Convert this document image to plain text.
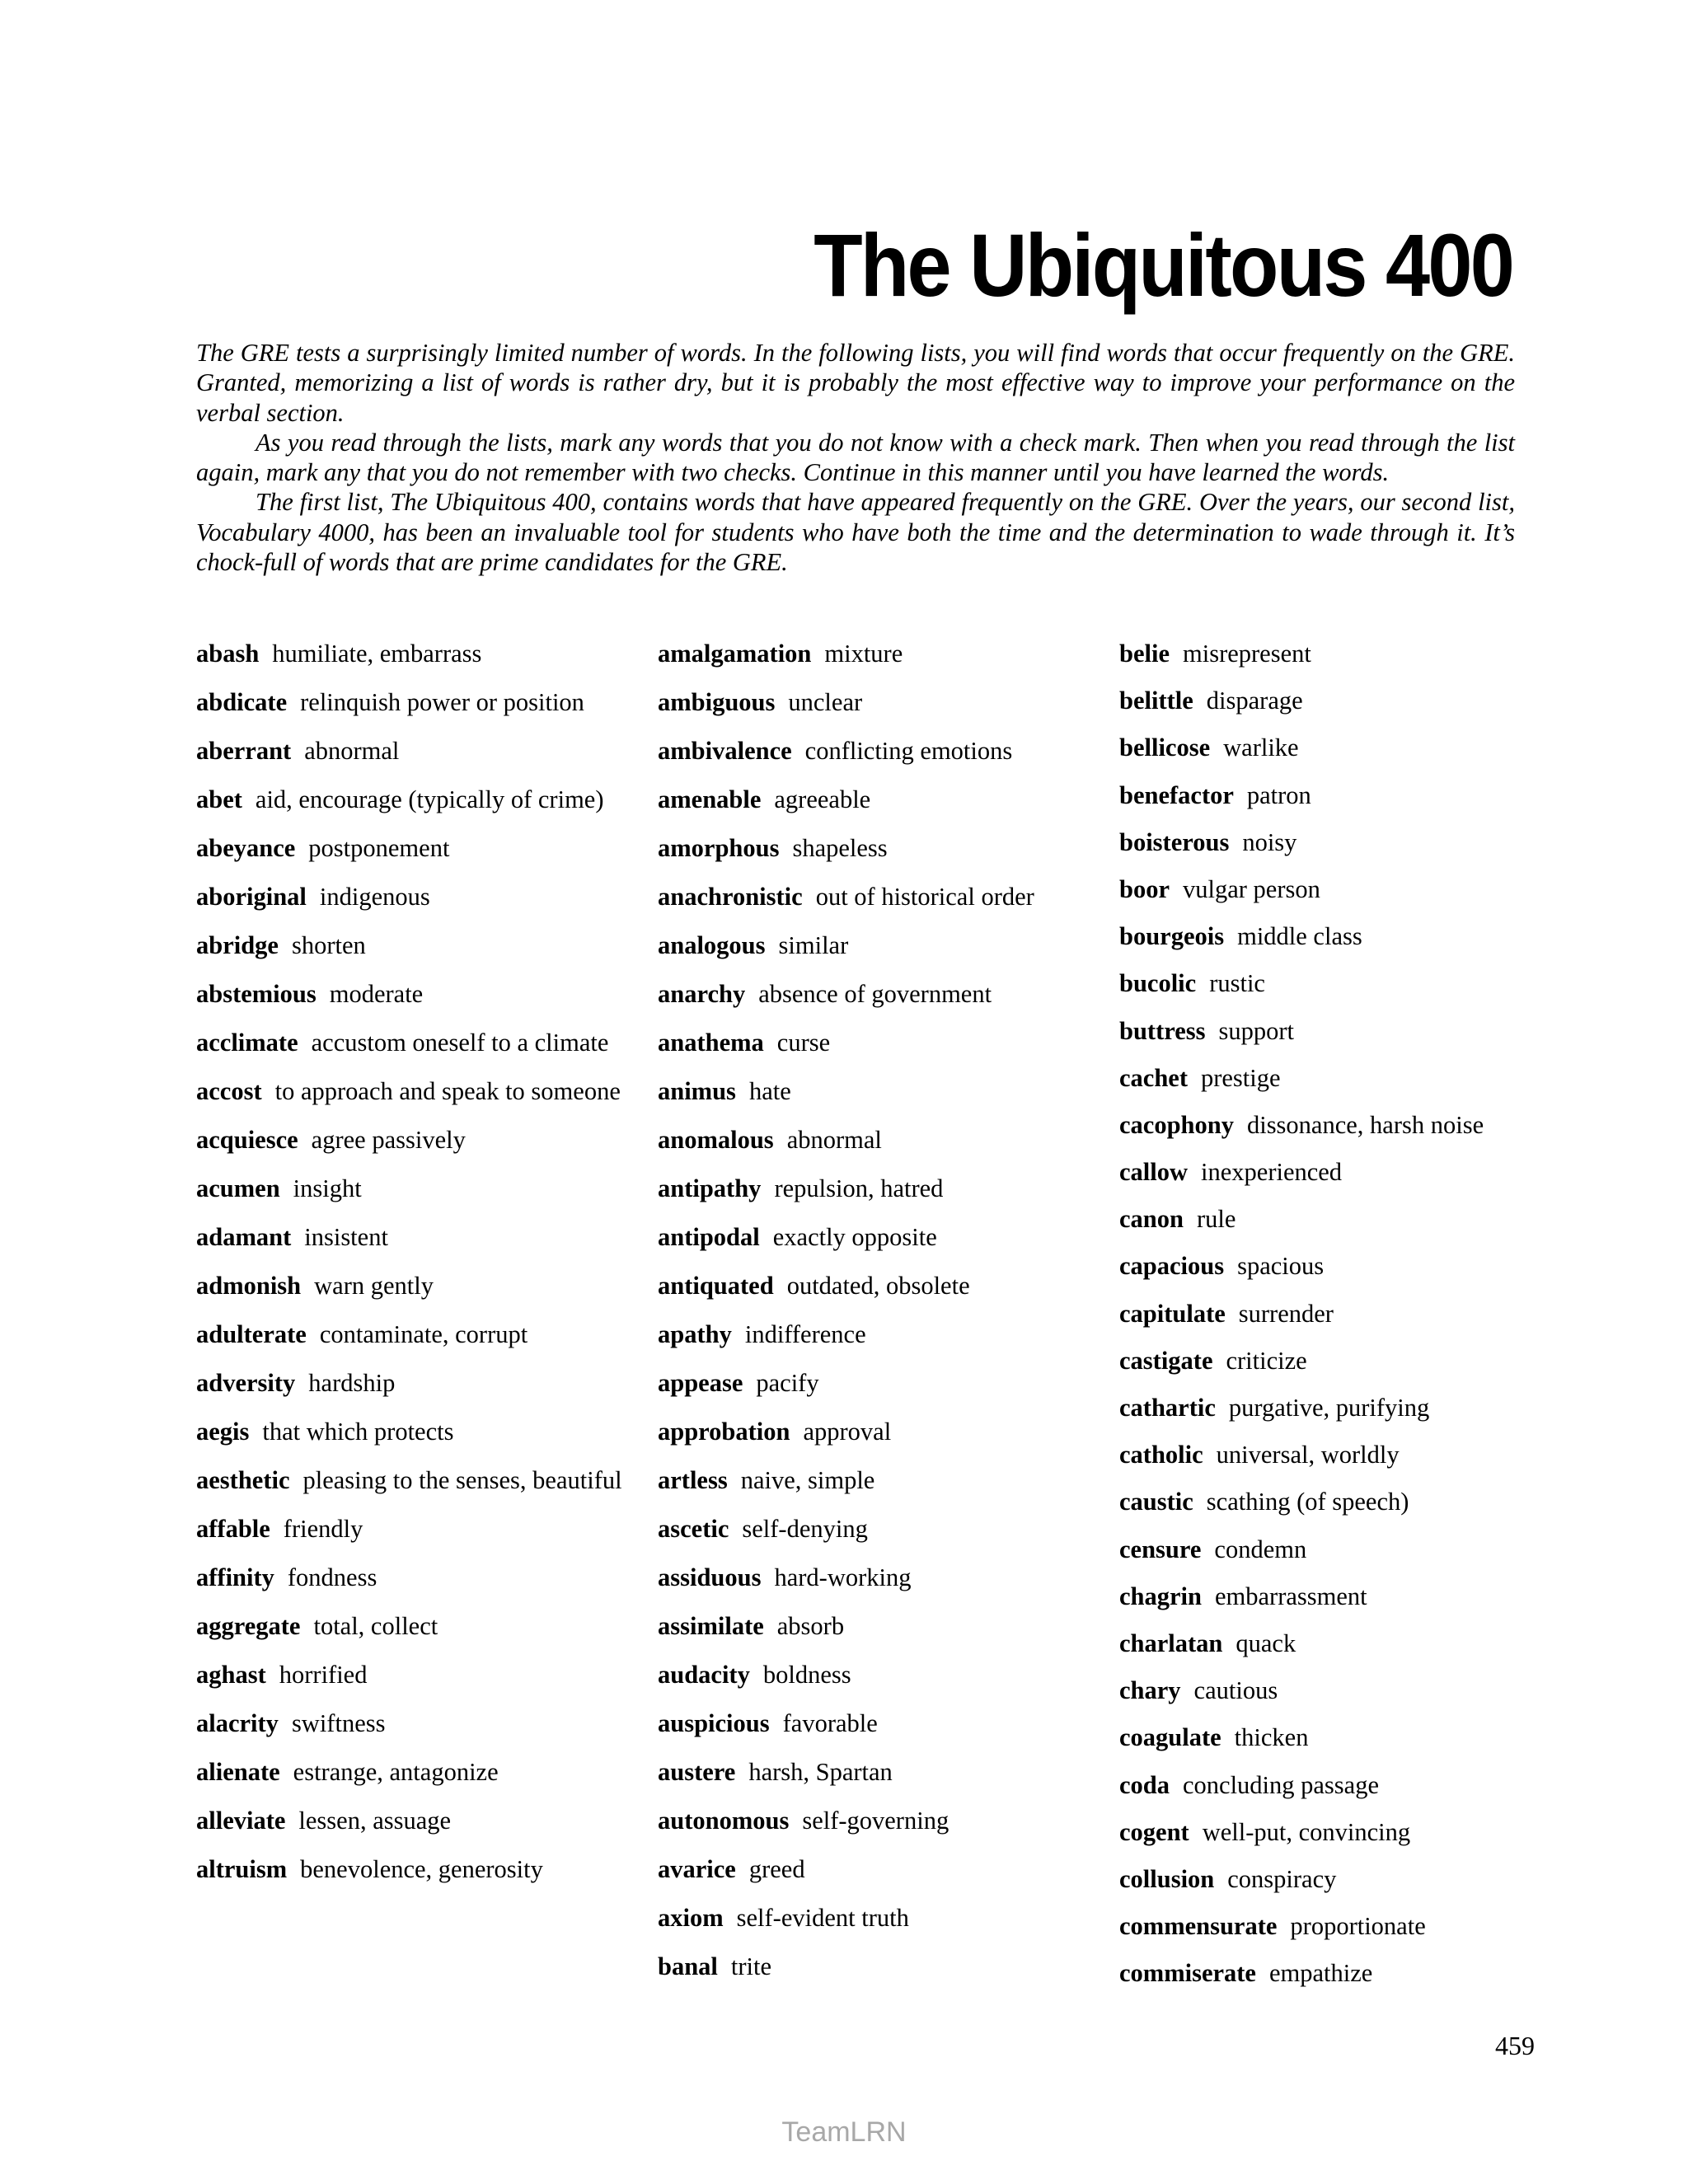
The Ubiquitous 400

The GRE tests a surprisingly limited number of words. In the following lists, you will find words that occur frequently on the GRE. Granted, memorizing a list of words is rather dry, but it is probably the most effective way to improve your performance on the verbal section.

As you read through the lists, mark any words that you do not know with a check mark. Then when you read through the list again, mark any that you do not remember with two checks. Continue in this manner until you have learned the words.

The first list, The Ubiquitous 400, contains words that have appeared frequently on the GRE. Over the years, our second list, Vocabulary 4000, has been an invaluable tool for students who have both the time and the determination to wade through it. It’s chock-full of words that are prime candidates for the GRE.

abash humiliate, embarrass
abdicate relinquish power or position
aberrant abnormal
abet aid, encourage (typically of crime)
abeyance postponement
aboriginal indigenous
abridge shorten
abstemious moderate
acclimate accustom oneself to a climate
accost to approach and speak to someone
acquiesce agree passively
acumen insight
adamant insistent
admonish warn gently
adulterate contaminate, corrupt
adversity hardship
aegis that which protects
aesthetic pleasing to the senses, beautiful
affable friendly
affinity fondness
aggregate total, collect
aghast horrified
alacrity swiftness
alienate estrange, antagonize
alleviate lessen, assuage
altruism benevolence, generosity
amalgamation mixture
ambiguous unclear
ambivalence conflicting emotions
amenable agreeable
amorphous shapeless
anachronistic out of historical order
analogous similar
anarchy absence of government
anathema curse
animus hate
anomalous abnormal
antipathy repulsion, hatred
antipodal exactly opposite
antiquated outdated, obsolete
apathy indifference
appease pacify
approbation approval
artless naive, simple
ascetic self-denying
assiduous hard-working
assimilate absorb
audacity boldness
auspicious favorable
austere harsh, Spartan
autonomous self-governing
avarice greed
axiom self-evident truth
banal trite
belie misrepresent
belittle disparage
bellicose warlike
benefactor patron
boisterous noisy
boor vulgar person
bourgeois middle class
bucolic rustic
buttress support
cachet prestige
cacophony dissonance, harsh noise
callow inexperienced
canon rule
capacious spacious
capitulate surrender
castigate criticize
cathartic purgative, purifying
catholic universal, worldly
caustic scathing (of speech)
censure condemn
chagrin embarrassment
charlatan quack
chary cautious
coagulate thicken
coda concluding passage
cogent well-put, convincing
collusion conspiracy
commensurate proportionate
commiserate empathize
459
TeamLRN
